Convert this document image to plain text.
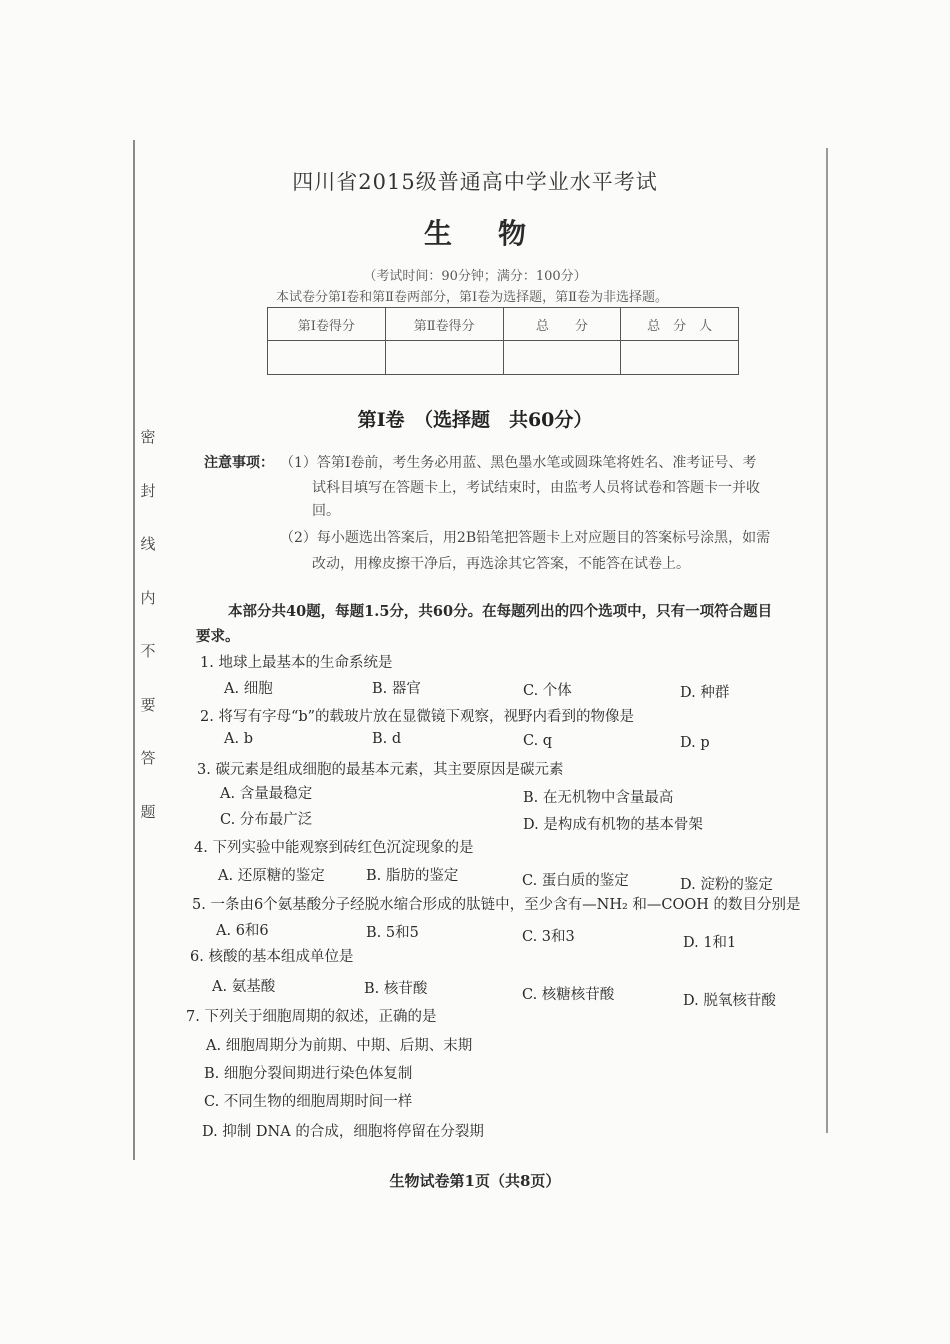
密
封
线
内
不
要
答
题
四川省2015级普通高中学业水平考试
生物
（考试时间：90分钟；满分：100分）
本试卷分第Ⅰ卷和第Ⅱ卷两部分，第Ⅰ卷为选择题，第Ⅱ卷为非选择题。
第Ⅰ卷得分	第Ⅱ卷得分	总　　分	总　分　人

第Ⅰ卷　（选择题　共60分）
注意事项： （1）答第Ⅰ卷前，考生务必用蓝、黑色墨水笔或圆珠笔将姓名、准考证号、考
试科目填写在答题卡上，考试结束时，由监考人员将试卷和答题卡一并收
回。
（2）每小题选出答案后，用2B铅笔把答题卡上对应题目的答案标号涂黑，如需
改动，用橡皮擦干净后，再选涂其它答案，不能答在试卷上。
本部分共40题，每题1.5分，共60分。在每题列出的四个选项中，只有一项符合题目
要求。
1. 地球上最基本的生命系统是
A. 细胞	B. 器官	C. 个体	D. 种群
2. 将写有字母“b”的载玻片放在显微镜下观察，视野内看到的物像是
A. b	B. d	C. q	D. p
3. 碳元素是组成细胞的最基本元素，其主要原因是碳元素
A. 含量最稳定	B. 在无机物中含量最高
C. 分布最广泛	D. 是构成有机物的基本骨架
4. 下列实验中能观察到砖红色沉淀现象的是
A. 还原糖的鉴定	B. 脂肪的鉴定	C. 蛋白质的鉴定	D. 淀粉的鉴定
5. 一条由6个氨基酸分子经脱水缩合形成的肽链中，至少含有—NH₂ 和—COOH 的数目分别是
A. 6和6	B. 5和5	C. 3和3	D. 1和1
6. 核酸的基本组成单位是
A. 氨基酸	B. 核苷酸	C. 核糖核苷酸	D. 脱氧核苷酸
7. 下列关于细胞周期的叙述，正确的是
A. 细胞周期分为前期、中期、后期、末期
B. 细胞分裂间期进行染色体复制
C. 不同生物的细胞周期时间一样
D. 抑制 DNA 的合成，细胞将停留在分裂期
生物试卷第1页（共8页）
